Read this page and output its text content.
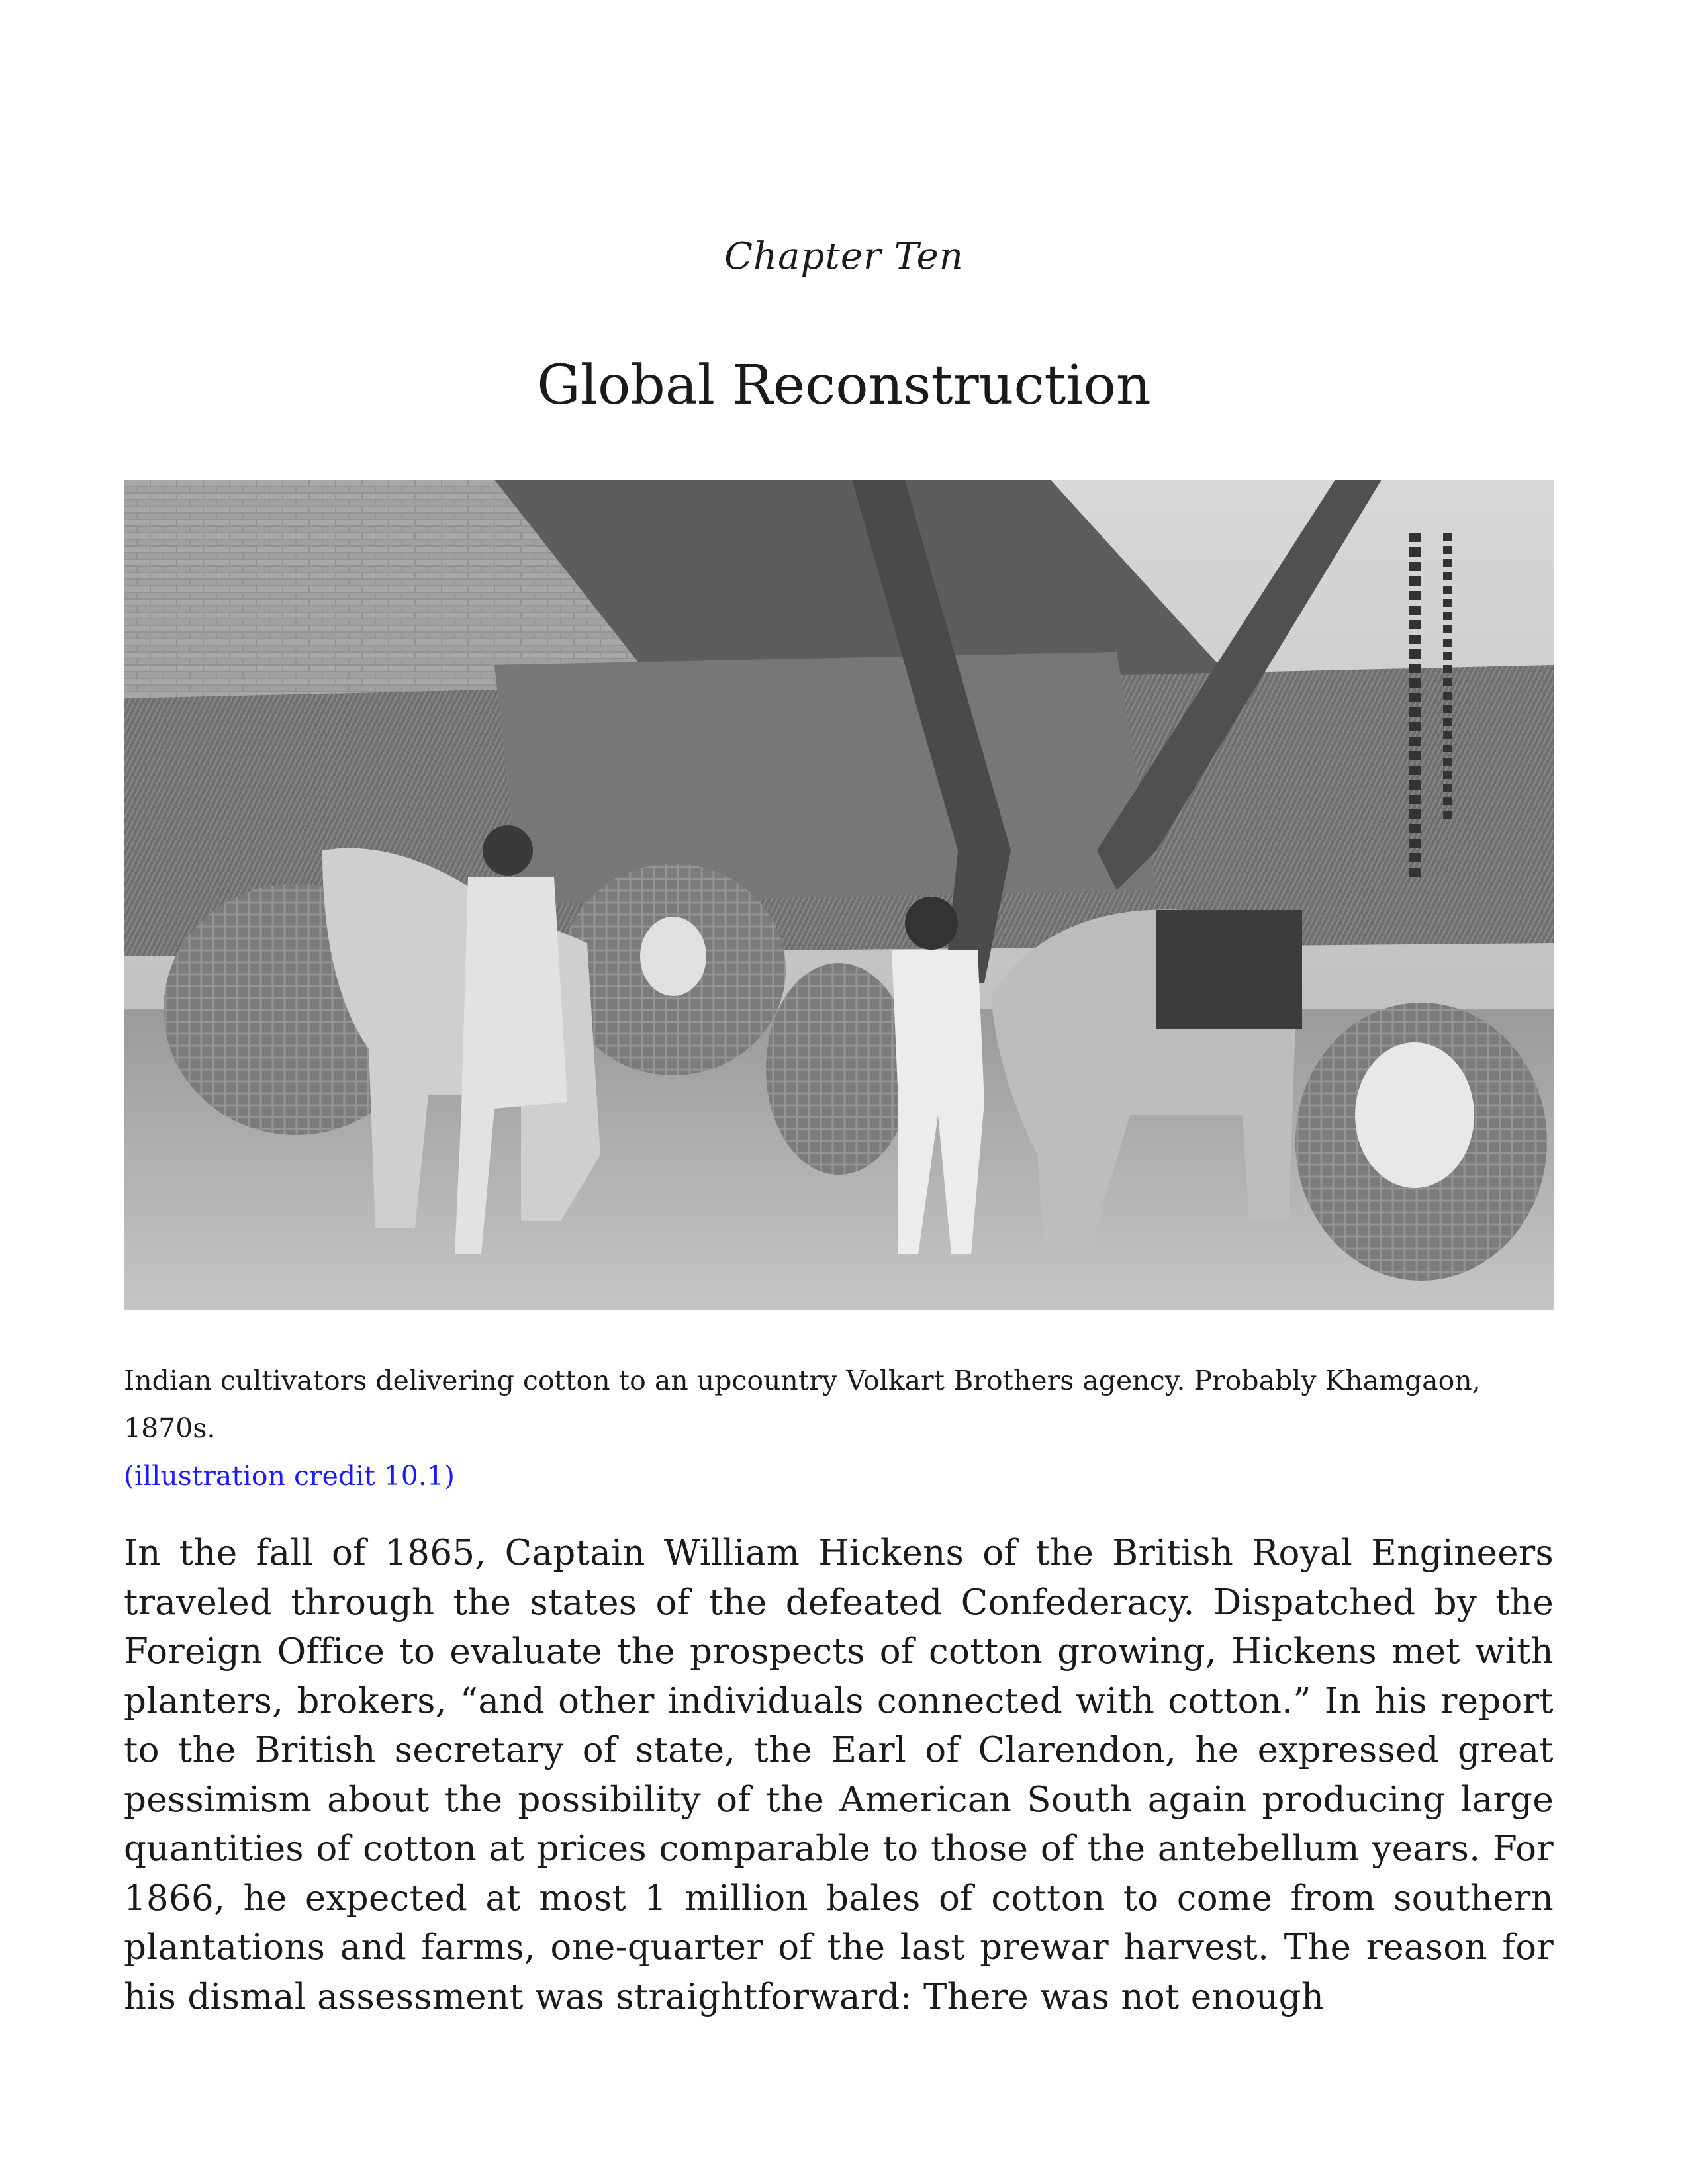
Chapter Ten
Global Reconstruction
Indian cultivators delivering cotton to an upcountry Volkart Brothers agency. Probably Khamgaon, 1870s.
(illustration credit 10.1)
In the fall of 1865, Captain William Hickens of the British Royal Engineers traveled through the states of the defeated Confederacy. Dispatched by the Foreign Office to evaluate the prospects of cotton growing, Hickens met with planters, brokers, “and other individuals connected with cotton.” In his report to the British secretary of state, the Earl of Clarendon, he expressed great pessimism about the possibility of the American South again producing large quantities of cotton at prices comparable to those of the antebellum years. For 1866, he expected at most 1 million bales of cotton to come from southern plantations and farms, one-quarter of the last prewar harvest. The reason for his dismal assessment was straightforward: There was not enough
